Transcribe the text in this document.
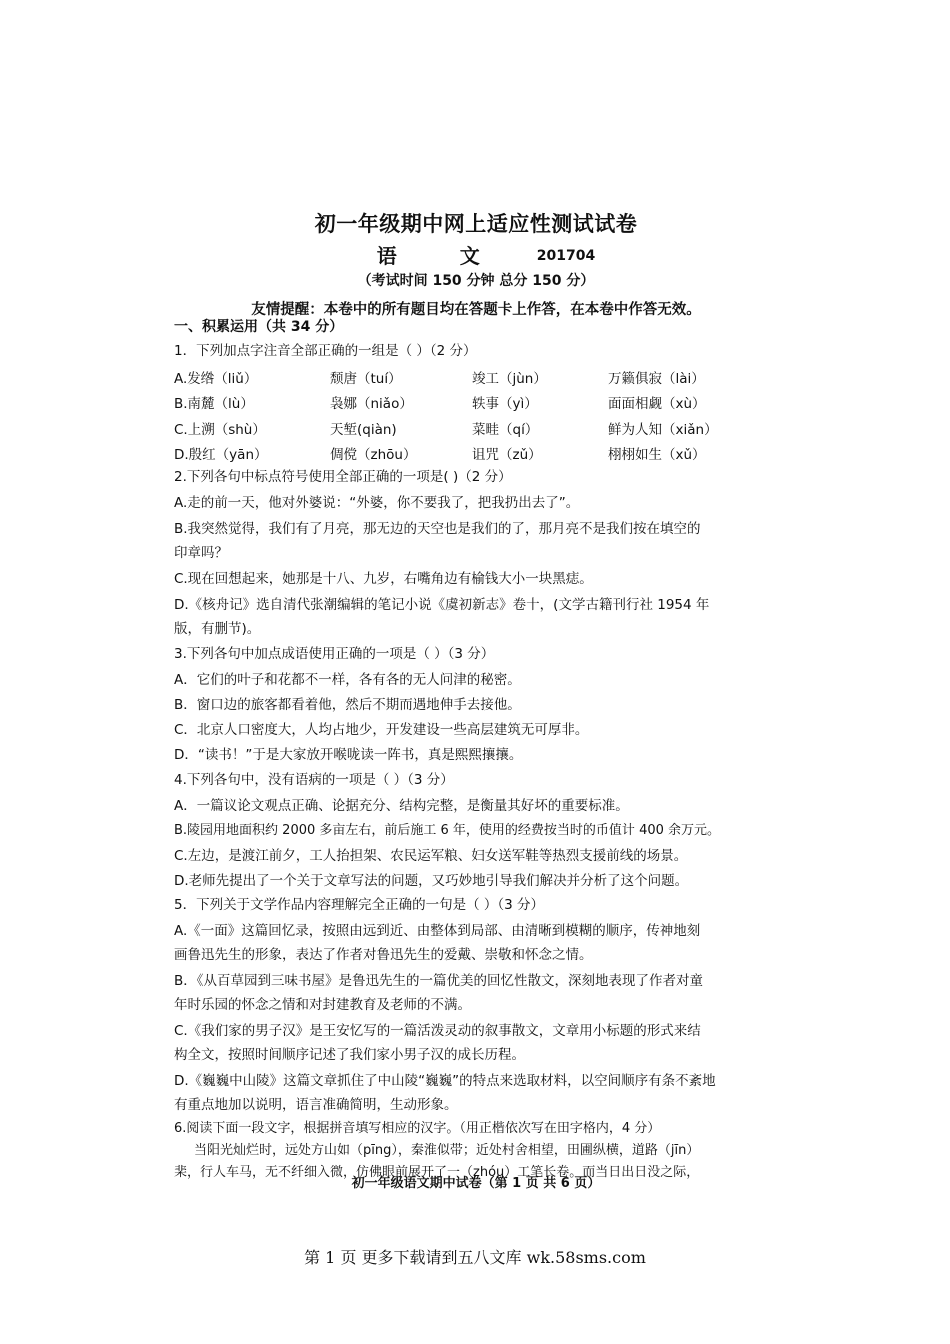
初一年级期中网上适应性测试试卷
语 文 201704
（考试时间 150 分钟 总分 150 分）
友情提醒：本卷中的所有题目均在答题卡上作答，在本卷中作答无效。
一、积累运用（共 34 分）
1．下列加点字注音全部正确的一组是（ ）（2 分）
A.发绺（liǔ）	颓唐（tuí）	竣工（jùn）	万籁俱寂（lài）
B.南麓（lù）	袅娜（niǎo）	轶事（yì）	面面相觑（xù）
C.上溯（shù）	天堑(qiàn)	菜畦（qí）	鲜为人知（xiǎn）
D.殷红（yān）	倜傥（zhōu）	诅咒（zǔ）	栩栩如生（xǔ）
2.下列各句中标点符号使用全部正确的一项是( )（2 分）
A.走的前一天，他对外婆说：“外婆，你不要我了，把我扔出去了”。
B.我突然觉得，我们有了月亮，那无边的天空也是我们的了，那月亮不是我们按在填空的
印章吗？
C.现在回想起来，她那是十八、九岁，右嘴角边有榆钱大小一块黑痣。
D.《核舟记》选自清代张潮编辑的笔记小说《虞初新志》卷十，(文学古籍刊行社 1954 年
版，有删节)。
3.下列各句中加点成语使用正确的一项是（ ）（3 分）
A．它们的叶子和花都不一样，各有各的无人问津的秘密。
B．窗口边的旅客都看着他，然后不期而遇地伸手去接他。
C．北京人口密度大，人均占地少，开发建设一些高层建筑无可厚非。
D．“读书！”于是大家放开喉咙读一阵书，真是熙熙攘攘。
4.下列各句中，没有语病的一项是（ ）（3 分）
A．一篇议论文观点正确、论据充分、结构完整，是衡量其好坏的重要标准。
B.陵园用地面积约 2000 多亩左右，前后施工 6 年，使用的经费按当时的币值计 400 余万元。
C.左边，是渡江前夕，工人抬担架、农民运军粮、妇女送军鞋等热烈支援前线的场景。
D.老师先提出了一个关于文章写法的问题，又巧妙地引导我们解决并分析了这个问题。
5．下列关于文学作品内容理解完全正确的一句是（ ）（3 分）
A.《一面》这篇回忆录，按照由远到近、由整体到局部、由清晰到模糊的顺序，传神地刻
画鲁迅先生的形象，表达了作者对鲁迅先生的爱戴、崇敬和怀念之情。
B．《从百草园到三味书屋》是鲁迅先生的一篇优美的回忆性散文，深刻地表现了作者对童
年时乐园的怀念之情和对封建教育及老师的不满。
C.《我们家的男子汉》是王安忆写的一篇活泼灵动的叙事散文，文章用小标题的形式来结
构全文，按照时间顺序记述了我们家小男子汉的成长历程。
D.《巍巍中山陵》这篇文章抓住了中山陵“巍巍”的特点来选取材料，以空间顺序有条不紊地
有重点地加以说明，语言准确简明，生动形象。
6.阅读下面一段文字，根据拼音填写相应的汉字。（用正楷依次写在田字格内，4 分）
当阳光灿烂时，远处方山如（pīng），秦淮似带；近处村舍相望，田圃纵横，道路（jīn）
棐，行人车马，无不纤细入微，仿佛眼前展开了一（zhóu）工笔长卷。而当日出日没之际，
初一年级语文期中试卷（第 1 页 共 6 页）
第 1 页 更多下载请到五八文库 wk.58sms.com
